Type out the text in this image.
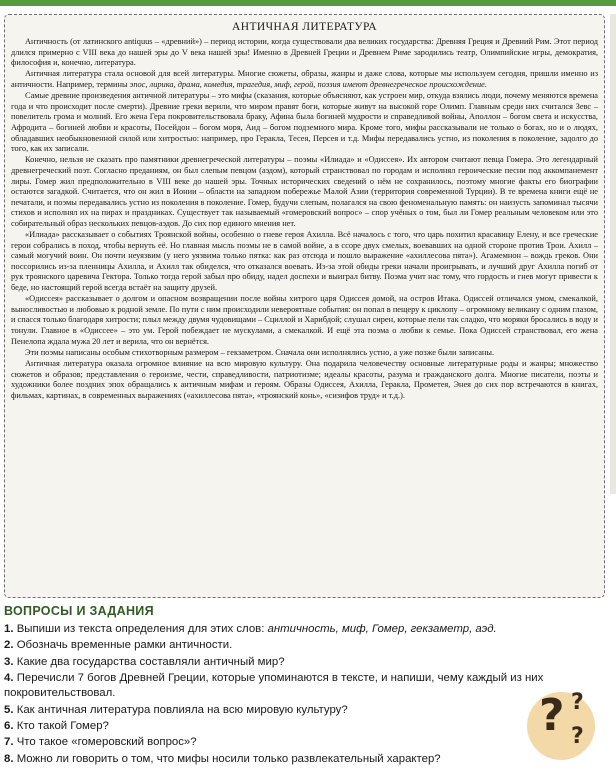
АНТИЧНАЯ ЛИТЕРАТУРА

Античность (от латинского antiquus – «древний») – период истории, когда существовали два великих государства: Древняя Греция и Древний Рим. Этот период длился примерно с VIII века до нашей эры до V века нашей эры! Именно в Древней Греции и Древнем Риме зародились театр, Олимпийские игры, демократия, философия и, конечно, литература.

Античная литература стала основой для всей литературы. Многие сюжеты, образы, жанры и даже слова, которые мы используем сегодня, пришли именно из античности. Например, термины эпос, лирика, драма, комедия, трагедия, миф, герой, поэзия имеют древнегреческое происхождение.

Самые древние произведения античной литературы – это мифы (сказания, которые объясняют, как устроен мир, откуда взялись люди, почему меняются времена года и что происходит после смерти). Древние греки верили, что миром правят боги, которые живут на высокой горе Олимп. Главным среди них считался Зевс – повелитель грома и молний. Его жена Гера покровительствовала браку, Афина была богиней мудрости и справедливой войны, Аполлон – богом света и искусства, Афродита – богиней любви и красоты, Посейдон – богом моря, Аид – богом подземного мира. Кроме того, мифы рассказывали не только о богах, но и о людях, обладавших необыкновенной силой или хитростью: например, про Геракла, Тесея, Персея и т.д. Мифы передавались устно, из поколения в поколение, задолго до того, как их записали.

Конечно, нельзя не сказать про памятники древнегреческой литературы – поэмы «Илиада» и «Одиссея». Их автором считают певца Гомера. Это легендарный древнегреческий поэт. Согласно преданиям, он был слепым певцом (аэдом), который странствовал по городам и исполнял героические песни под аккомпанемент лиры. Гомер жил предположительно в VIII веке до нашей эры. Точных исторических сведений о нём не сохранилось, поэтому многие факты его биографии остаются загадкой. Считается, что он жил в Ионии – области на западном побережье Малой Азии (территория современной Турции). В те времена книги ещё не печатали, и поэмы передавались устно из поколения в поколение. Гомер, будучи слепым, полагался на свою феноменальную память: он наизусть запоминал тысячи стихов и исполнял их на пирах и праздниках. Существует так называемый «гомеровский вопрос» – спор учёных о том, был ли Гомер реальным человеком или это собирательный образ нескольких певцов-аэдов. До сих пор единого мнения нет.

«Илиада» рассказывает о событиях Троянской войны, особенно о гневе героя Ахилла. Всё началось с того, что царь похитил красавицу Елену, и все греческие герои собрались в поход, чтобы вернуть её. Но главная мысль поэмы не в самой войне, а в ссоре двух смелых, воевавших на одной стороне против Трои. Ахилл – самый могучий воин. Он почти неуязвим (у него уязвима только пятка: как раз отсюда и пошло выражение «ахиллесова пята»). Агамемнон – вождь греков. Они поссорились из-за пленницы Ахилла, и Ахилл так обиделся, что отказался воевать. Из-за этой обиды греки начали проигрывать, и лучший друг Ахилла погиб от рук троянского царевича Гектора. Только тогда герой забыл про обиду, надел доспехи и выиграл битву. Поэма учит нас тому, что гордость и гнев могут привести к беде, но настоящий герой всегда встаёт на защиту друзей.

«Одиссея» рассказывает о долгом и опасном возвращении после войны хитрого царя Одиссея домой, на остров Итака. Одиссей отличался умом, смекалкой, выносливостью и любовью к родной земле. По пути с ним происходили невероятные события: он попал в пещеру к циклопу – огромному великану с одним глазом, и спасся только благодаря хитрости; плыл между двумя чудовищами – Сциллой и Харибдой; слушал сирен, которые пели так сладко, что моряки бросались в воду и тонули. Главное в «Одиссее» – это ум. Герой побеждает не мускулами, а смекалкой. И ещё эта поэма о любви к семье. Пока Одиссей странствовал, его жена Пенелопа ждала мужа 20 лет и верила, что он вернётся.

Эти поэмы написаны особым стихотворным размером – гекзаметром. Сначала они исполнялись устно, а уже позже были записаны.

Античная литература оказала огромное влияние на всю мировую культуру. Она подарила человечеству основные литературные роды и жанры; множество сюжетов и образов; представления о героизме, чести, справедливости, патриотизме; идеалы красоты, разума и гражданского долга. Многие писатели, поэты и художники более поздних эпох обращались к античным мифам и героям. Образы Одиссея, Ахилла, Геракла, Прометея, Энея до сих пор встречаются в книгах, фильмах, картинах, в современных выражениях («ахиллесова пята», «троянский конь», «сизифов труд» и т.д.).

ВОПРОСЫ И ЗАДАНИЯ
1 . Выпиши из текста определения для этих слов: античность, миф, Гомер, гекзаметр, аэд.
2 . Обозначь временные рамки античности.
3 . Какие два государства составляли античный мир?
4 . Перечисли 7 богов Древней Греции, которые упоминаются в тексте, и напиши, чему каждый из них покровительствовал.
5 . Как античная литература повлияла на всю мировую культуру?
6 . Кто такой Гомер?
7 . Что такое «гомеровский вопрос»?
8 . Можно ли говорить о том, что мифы носили только развлекательный характер?
? ?
?
